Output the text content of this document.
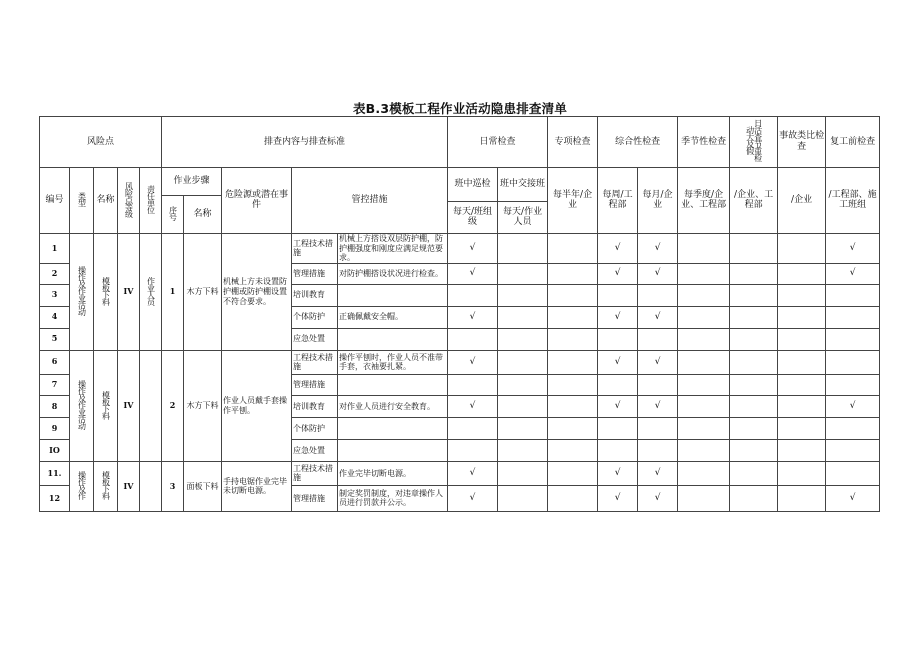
表B.3模板工程作业活动隐患排查清单
风险点					排查内容与排查标准					日常检查		专项检查	综合性检查		季节性检查	日活查节重检动大及假	事故类比检查	复工前检查
编号	类型	名称	风险点等级	责任单位	作业步骤		危险源或潜在事件	管控措施		班中巡检	班中交接班	每半年/企业	每周/工程部	每月/企业	每季度/企业、工程部	/企业、工程部	/企业	/工程部、施工班组
					序号	名称												
										每天/班组级	每天/作业人员							
1	操作及作业活动	模板下料	IV	作业人员	1	木方下料	机械上方未设置防护棚或防护棚设置不符合要求。	工程技术措施	机械上方搭设双层防护棚，防护棚强度和刚度应满足规范要求。	√			√	√				√
2								管理措施	对防护棚搭设状况进行检查。	√			√	√				√
3								培训教育										
4								个体防护	正确佩戴安全帽。	√			√	√				
5								应急处置										
6	操作及作业活动	模板下料	IV		2	木方下料	作业人员戴手套操作平刨。	工程技术措施	操作平刨时，作业人员不准带手套，衣袖要扎紧。	√			√	√				
7								管理措施										
8								培训教育	对作业人员进行安全教育。	√			√	√				√
9								个体防护										
IO								应急处置										
11.	操作及作	模板下料	IV		3	面板下料	手持电锯作业完毕未切断电源。	工程技术措施	作业完毕切断电源。	√			√	√				
12								管理措施	制定奖罚制度，对违章操作人员进行罚款并公示。	√			√	√				√
